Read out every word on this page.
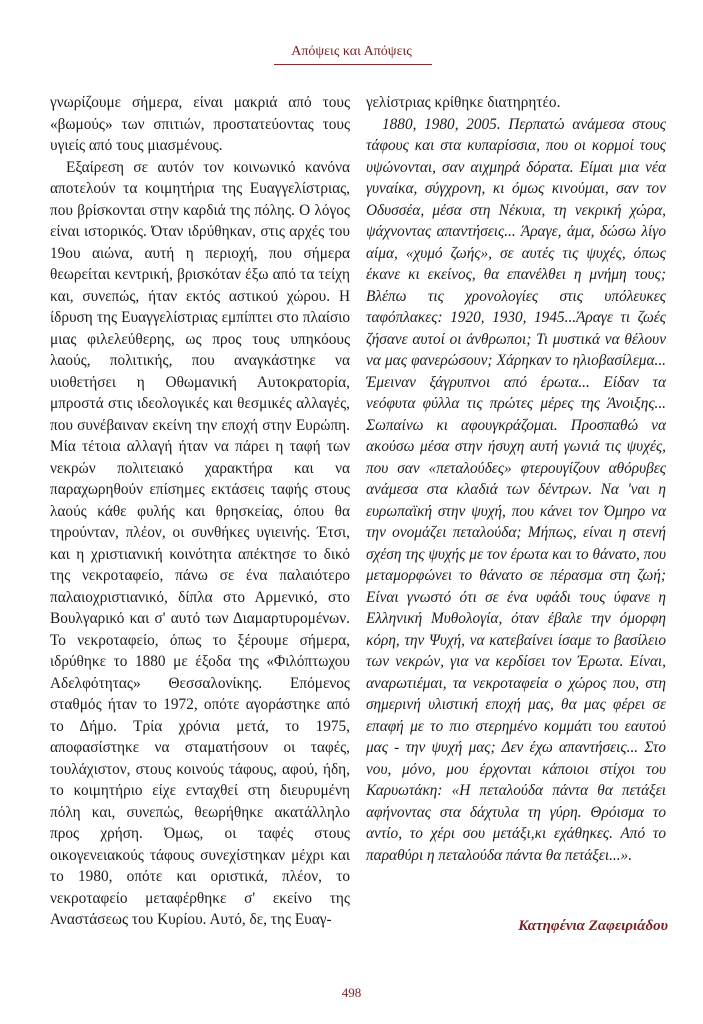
Απόψεις και Απόψεις

γνωρίζουμε σήμερα, είναι μακριά από τους «βωμούς» των σπιτιών, προστατεύοντας τους υγιείς από τους μιασμένους.

Εξαίρεση σε αυτόν τον κοινωνικό κανόνα αποτελούν τα κοιμητήρια της Ευαγγελίστριας, που βρίσκονται στην καρδιά της πόλης. Ο λόγος είναι ιστορικός. Όταν ιδρύθηκαν, στις αρχές του 19ου αιώνα, αυτή η περιοχή, που σήμερα θεωρείται κεντρική, βρισκόταν έξω από τα τείχη και, συνεπώς, ήταν εκτός αστικού χώρου. Η ίδρυση της Ευαγγελίστριας εμπίπτει στο πλαίσιο μιας φιλελεύθερης, ως προς τους υπηκόους λαούς, πολιτικής, που αναγκάστηκε να υιοθετήσει η Οθωμανική Αυτοκρατορία, μπροστά στις ιδεολογικές και θεσμικές αλλαγές, που συνέβαιναν εκείνη την εποχή στην Ευρώπη. Μία τέτοια αλλαγή ήταν να πάρει η ταφή των νεκρών πολιτειακό χαρακτήρα και να παραχωρηθούν επίσημες εκτάσεις ταφής στους λαούς κάθε φυλής και θρησκείας, όπου θα τηρούνταν, πλέον, οι συνθήκες υγιεινής. Έτσι, και η χριστιανική κοινότητα απέκτησε το δικό της νεκροταφείο, πάνω σε ένα παλαιότερο παλαιοχριστιανικό, δίπλα στο Αρμενικό, στο Βουλγαρικό και σ' αυτό των Διαμαρτυρομένων. Το νεκροταφείο, όπως το ξέρουμε σήμερα, ιδρύθηκε το 1880 με έξοδα της «Φιλόπτωχου Αδελφότητας» Θεσσαλονίκης. Επόμενος σταθμός ήταν το 1972, οπότε αγοράστηκε από το Δήμο. Τρία χρόνια μετά, το 1975, αποφασίστηκε να σταματήσουν οι ταφές, τουλάχιστον, στους κοινούς τάφους, αφού, ήδη, το κοιμητήριο είχε ενταχθεί στη διευρυμένη πόλη και, συνεπώς, θεωρήθηκε ακατάλληλο προς χρήση. Όμως, οι ταφές στους οικογενειακούς τάφους συνεχίστηκαν μέχρι και το 1980, οπότε και οριστικά, πλέον, το νεκροταφείο μεταφέρθηκε σ' εκείνο της Αναστάσεως του Κυρίου. Αυτό, δε, της Ευαγ-

γελίστριας κρίθηκε διατηρητέο.

1880, 1980, 2005. Περπατώ ανάμεσα στους τάφους και στα κυπαρίσσια, που οι κορμοί τους υψώνονται, σαν αιχμηρά δόρατα. Είμαι μια νέα γυναίκα, σύγχρονη, κι όμως κινούμαι, σαν τον Οδυσσέα, μέσα στη Νέκυια, τη νεκρική χώρα, ψάχνοντας απαντήσεις... Άραγε, άμα, δώσω λίγο αίμα, «χυμό ζωής», σε αυτές τις ψυχές, όπως έκανε κι εκείνος, θα επανέλθει η μνήμη τους; Βλέπω τις χρονολογίες στις υπόλευκες ταφόπλακες: 1920, 1930, 1945...Άραγε τι ζωές ζήσανε αυτοί οι άνθρωποι; Τι μυστικά να θέλουν να μας φανερώσουν; Χάρηκαν το ηλιοβασίλεμα... Έμειναν ξάγρυπνοι από έρωτα... Είδαν τα νεόφυτα φύλλα τις πρώτες μέρες της Άνοιξης... Σωπαίνω κι αφουγκράζομαι. Προσπαθώ να ακούσω μέσα στην ήσυχη αυτή γωνιά τις ψυχές, που σαν «πεταλούδες» φτερουγίζουν αθόρυβες ανάμεσα στα κλαδιά των δέντρων. Να 'ναι η ευρωπαϊκή στην ψυχή, που κάνει τον Όμηρο να την ονομάζει πεταλούδα; Μήπως, είναι η στενή σχέση της ψυχής με τον έρωτα και το θάνατο, που μεταμορφώνει το θάνατο σε πέρασμα στη ζωή; Είναι γνωστό ότι σε ένα υφάδι τους ύφανε η Ελληνική Μυθολογία, όταν έβαλε την όμορφη κόρη, την Ψυχή, να κατεβαίνει ίσαμε το βασίλειο των νεκρών, για να κερδίσει τον Έρωτα. Είναι, αναρωτιέμαι, τα νεκροταφεία ο χώρος που, στη σημερινή υλιστική εποχή μας, θα μας φέρει σε επαφή με το πιο στερημένο κομμάτι του εαυτού μας - την ψυχή μας; Δεν έχω απαντήσεις... Στο νου, μόνο, μου έρχονται κάποιοι στίχοι του Καρυωτάκη: «Η πεταλούδα πάντα θα πετάξει αφήνοντας στα δάχτυλα τη γύρη. Θρόισμα το αντίο, το χέρι σου μετάξι,κι εχάθηκες. Από το παραθύρι η πεταλούδα πάντα θα πετάξει...».

Κατηφένια Ζαφειριάδου
498
